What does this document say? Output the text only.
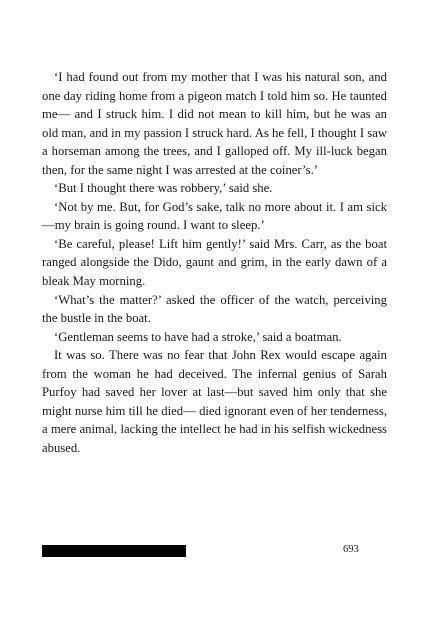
‘I had found out from my mother that I was his natural son, and one day riding home from a pigeon match I told him so. He taunted me— and I struck him. I did not mean to kill him, but he was an old man, and in my passion I struck hard. As he fell, I thought I saw a horseman among the trees, and I galloped off. My ill-luck began then, for the same night I was arrested at the coiner’s.’

‘But I thought there was robbery,’ said she.

‘Not by me. But, for God’s sake, talk no more about it. I am sick—my brain is going round. I want to sleep.’

‘Be careful, please! Lift him gently!’ said Mrs. Carr, as the boat ranged alongside the Dido, gaunt and grim, in the early dawn of a bleak May morning.

‘What’s the matter?’ asked the officer of the watch, perceiving the bustle in the boat.

‘Gentleman seems to have had a stroke,’ said a boatman.

It was so. There was no fear that John Rex would escape again from the woman he had deceived. The infernal genius of Sarah Purfoy had saved her lover at last—but saved him only that she might nurse him till he died— died ignorant even of her tenderness, a mere animal, lacking the intellect he had in his selfish wickedness abused.

693
